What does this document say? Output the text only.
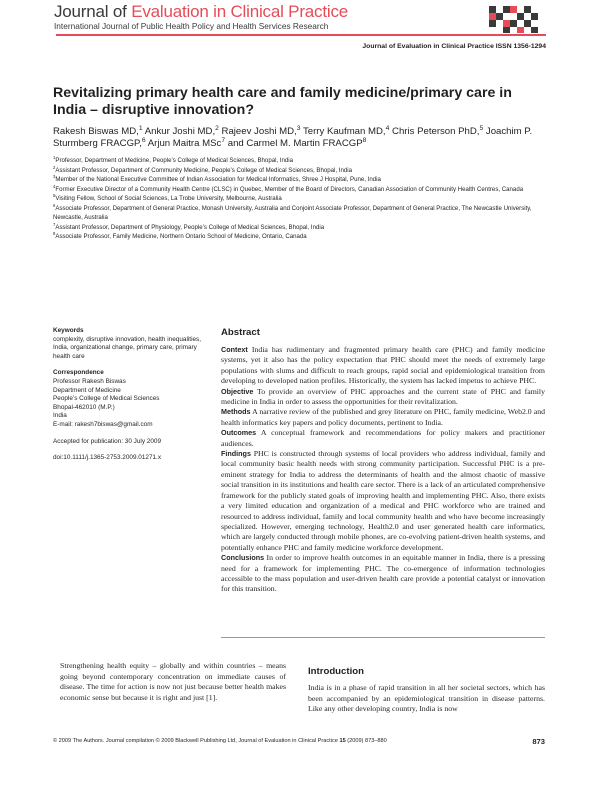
Journal of Evaluation in Clinical Practice
International Journal of Public Health Policy and Health Services Research
Journal of Evaluation in Clinical Practice ISSN 1356-1294
Revitalizing primary health care and family medicine/primary care in India – disruptive innovation?
Rakesh Biswas MD,$^1$ Ankur Joshi MD,$^2$ Rajeev Joshi MD,$^3$ Terry Kaufman MD,$^4$ Chris Peterson PhD,$^5$ Joachim P. Sturmberg FRACGP,$^6$ Arjun Maitra MSc$^7$ and Carmel M. Martin FRACGP$^8$
$^1$Professor, Department of Medicine, People’s College of Medical Sciences, Bhopal, India
$^2$Assistant Professor, Department of Community Medicine, People’s College of Medical Sciences, Bhopal, India
$^3$Member of the National Executive Committee of Indian Association for Medical Informatics, Shree J Hospital, Pune, India
$^4$Former Executive Director of a Community Health Centre (CLSC) in Quebec, Member of the Board of Directors, Canadian Association of Community Health Centres, Canada
$^5$Visiting Fellow, School of Social Sciences, La Trobe University, Melbourne, Australia
$^6$Associate Professor, Department of General Practice, Monash University, Australia and Conjoint Associate Professor, Department of General Practice, The Newcastle University, Newcastle, Australia
$^7$Assistant Professor, Department of Physiology, People’s College of Medical Sciences, Bhopal, India
$^8$Associate Professor, Family Medicine, Northern Ontario School of Medicine, Ontario, Canada
Keywords
complexity, disruptive innovation, health inequalities, India, organizational change, primary care, primary health care
Correspondence
Professor Rakesh Biswas
Department of Medicine
People’s College of Medical Sciences
Bhopal-462010 (M.P.)
India
E-mail: rakesh7biswas@gmail.com
Accepted for publication: 30 July 2009
doi:10.1111/j.1365-2753.2009.01271.x
Abstract

Context India has rudimentary and fragmented primary health care (PHC) and family medicine systems, yet it also has the policy expectation that PHC should meet the needs of extremely large populations with slums and difficult to reach groups, rapid social and epidemiological transition from developing to developed nation profiles. Historically, the system has lacked impetus to achieve PHC.

Objective To provide an overview of PHC approaches and the current state of PHC and family medicine in India in order to assess the opportunities for their revitalization.

Methods A narrative review of the published and grey literature on PHC, family medicine, Web2.0 and health informatics key papers and policy documents, pertinent to India.

Outcomes A conceptual framework and recommendations for policy makers and practitioner audiences.

Findings PHC is constructed through systems of local providers who address individual, family and local community basic health needs with strong community participation. Successful PHC is a pre-eminent strategy for India to address the determinants of health and the almost chaotic of massive social transition in its institutions and health care sector. There is a lack of an articulated comprehensive framework for the publicly stated goals of improving health and implementing PHC. Also, there exists a very limited education and organization of a medical and PHC workforce who are trained and resourced to address individual, family and local community health and who have become increasingly specialized. However, emerging technology, Health2.0 and user generated health care informatics, which are largely conducted through mobile phones, are co-evolving patient-driven health systems, and potentially enhance PHC and family medicine workforce development.

Conclusions In order to improve health outcomes in an equitable manner in India, there is a pressing need for a framework for implementing PHC. The co-emergence of information technologies accessible to the mass population and user-driven health care provide a potential catalyst or innovation for this transition.

Strengthening health equity – globally and within countries – means going beyond contemporary concentration on immediate causes of disease. The time for action is now not just because better health makes economic sense but because it is right and just [1].

Introduction

India is in a phase of rapid transition in all her societal sectors, which has been accompanied by an epidemiological transition in disease patterns. Like any other developing country, India is now

© 2009 The Authors. Journal compilation © 2009 Blackwell Publishing Ltd, Journal of Evaluation in Clinical Practice 15 (2009) 873–880	873
